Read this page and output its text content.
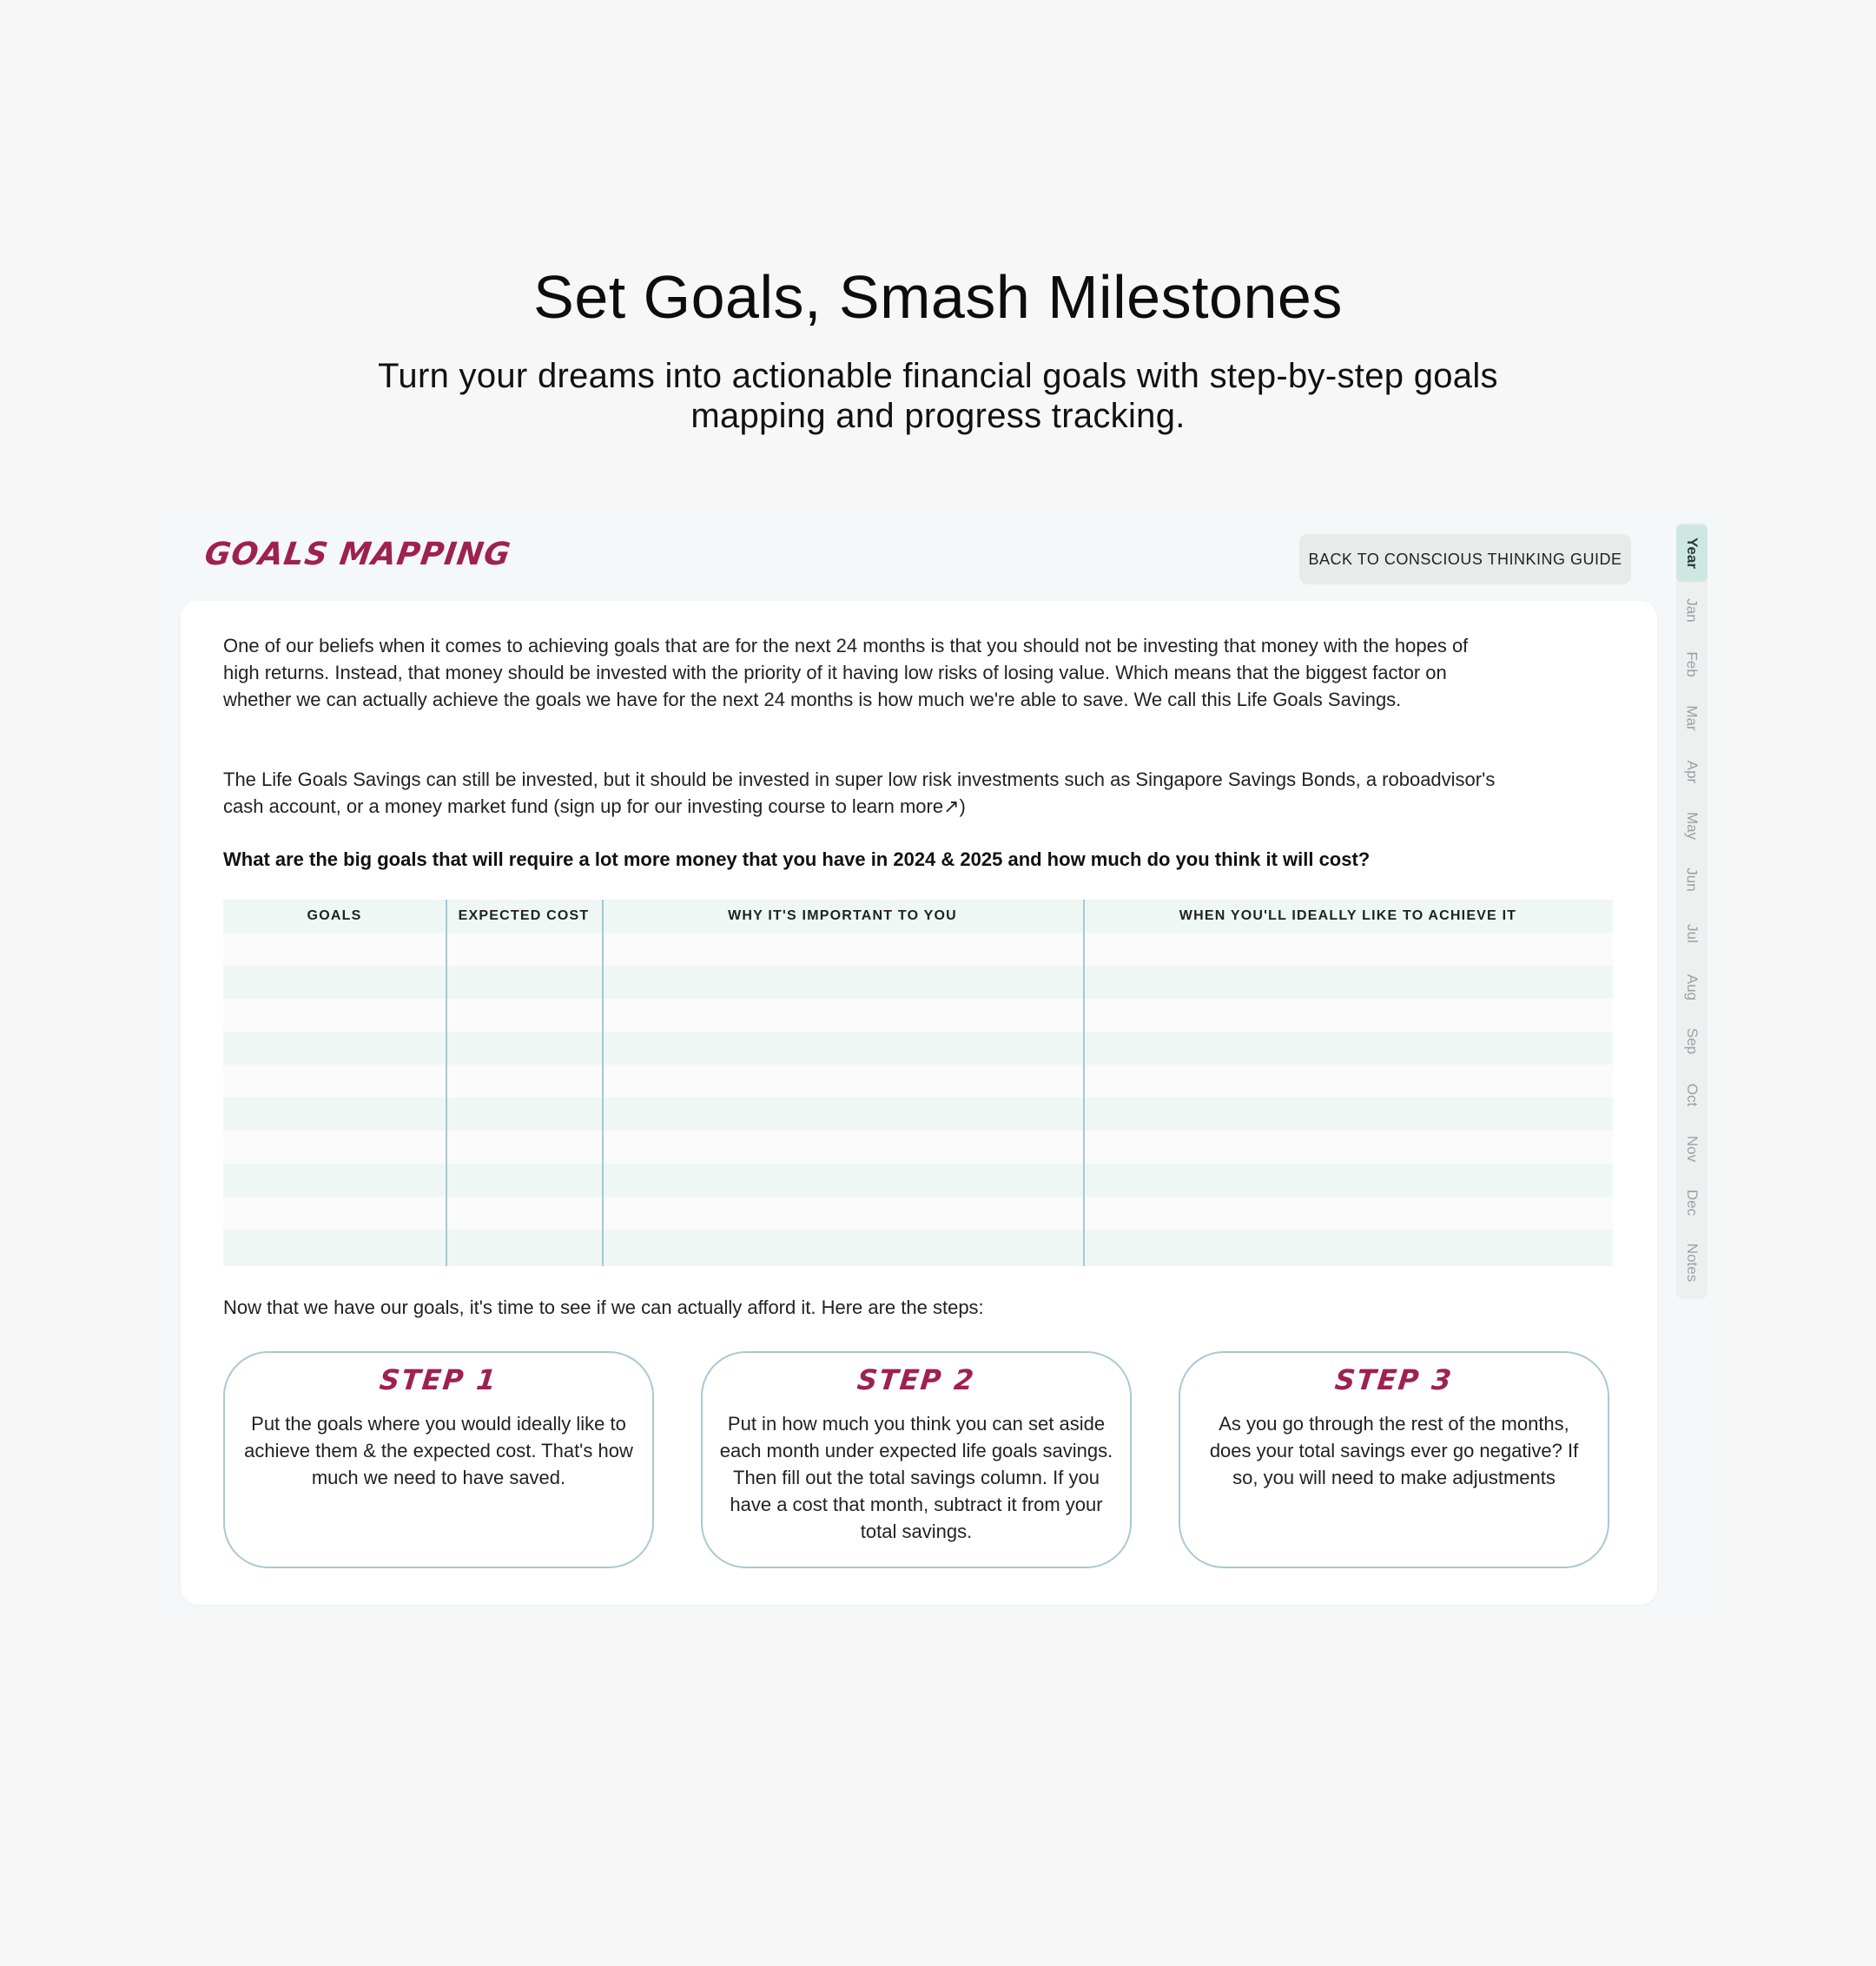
Set Goals, Smash Milestones
Turn your dreams into actionable financial goals with step-by-step goals mapping and progress tracking.
GOALS MAPPING	BACK TO CONSCIOUS THINKING GUIDE

One of our beliefs when it comes to achieving goals that are for the next 24 months is that you should not be investing that money with the hopes of high returns. Instead, that money should be invested with the priority of it having low risks of losing value. Which means that the biggest factor on whether we can actually achieve the goals we have for the next 24 months is how much we're able to save. We call this Life Goals Savings.

The Life Goals Savings can still be invested, but it should be invested in super low risk investments such as Singapore Savings Bonds, a roboadvisor's cash account, or a money market fund (sign up for our investing course to learn more↗)

What are the big goals that will require a lot more money that you have in 2024 & 2025 and how much do you think it will cost?
GOALS	EXPECTED COST	WHY IT'S IMPORTANT TO YOU	WHEN YOU'LL IDEALLY LIKE TO ACHIEVE IT
Now that we have our goals, it's time to see if we can actually afford it. Here are the steps:
STEP 1
Put the goals where you would ideally like to achieve them & the expected cost. That's how much we need to have saved.
STEP 2
Put in how much you think you can set aside each month under expected life goals savings. Then fill out the total savings column. If you have a cost that month, subtract it from your total savings.
STEP 3
As you go through the rest of the months, does your total savings ever go negative? If so, you will need to make adjustments
Year
Jan
Feb
Mar
Apr
May
Jun
Jul
Aug
Sep
Oct
Nov
Dec
Notes
